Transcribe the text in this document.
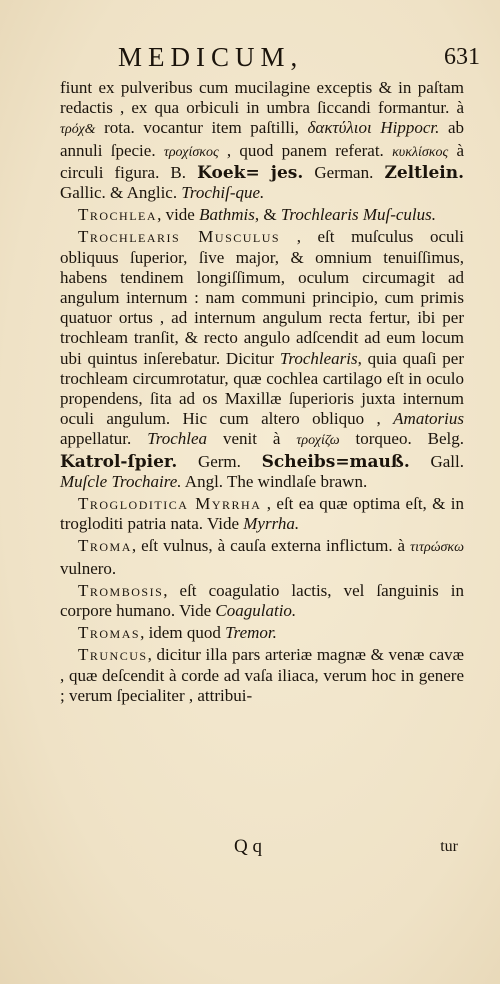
MEDICUM,	631

fiunt ex pulveribus cum mucilagine exceptis & in paſtam redactis , ex qua orbiculi in umbra ſiccandi formantur. à τρόχ& rota. vocantur item paſtilli, δακτύλιοι Hippocr. ab annuli ſpecie. τροχίσκος , quod panem referat. κυκλίσκος à circuli figura. B. Koek= jes. German. Zeltlein. Gallic. & Anglic. Trochiſ-que.

Trochlea, vide Bathmis, & Trochlearis Muſ-culus.

Trochlearis Musculus , eſt muſculus oculi obliquus ſuperior, ſive major, & omnium tenuiſſimus, habens tendinem longiſſimum, oculum circumagit ad angulum internum : nam communi principio, cum primis quatuor ortus , ad internum angulum recta fertur, ibi per trochleam tranſit, & recto angulo adſcendit ad eum locum ubi quintus inſerebatur. Dicitur Trochlearis, quia quaſi per trochleam circumrotatur, quæ cochlea cartilago eſt in oculo propendens, ſita ad os Maxillæ ſuperioris juxta internum oculi angulum. Hic cum altero obliquo , Amatorius appellatur. Trochlea venit à τροχίζω torqueo. Belg. Katrol-ſpier. Germ. Scheibs=mauß. Gall. Muſcle Trochaire. Angl. The windlaſe brawn.

Trogloditica Myrrha , eſt ea quæ optima eſt, & in trogloditi patria nata. Vide Myrrha.

Troma, eſt vulnus, à cauſa externa inflictum. à τιτρώσκω vulnero.

Trombosis, eſt coagulatio lactis, vel ſanguinis in corpore humano. Vide Coagulatio.

Tromas, idem quod Tremor.

Truncus, dicitur illa pars arteriæ magnæ & venæ cavæ , quæ deſcendit à corde ad vaſa iliaca, verum hoc in genere ; verum ſpecialiter , attribui-

Q q	tur
